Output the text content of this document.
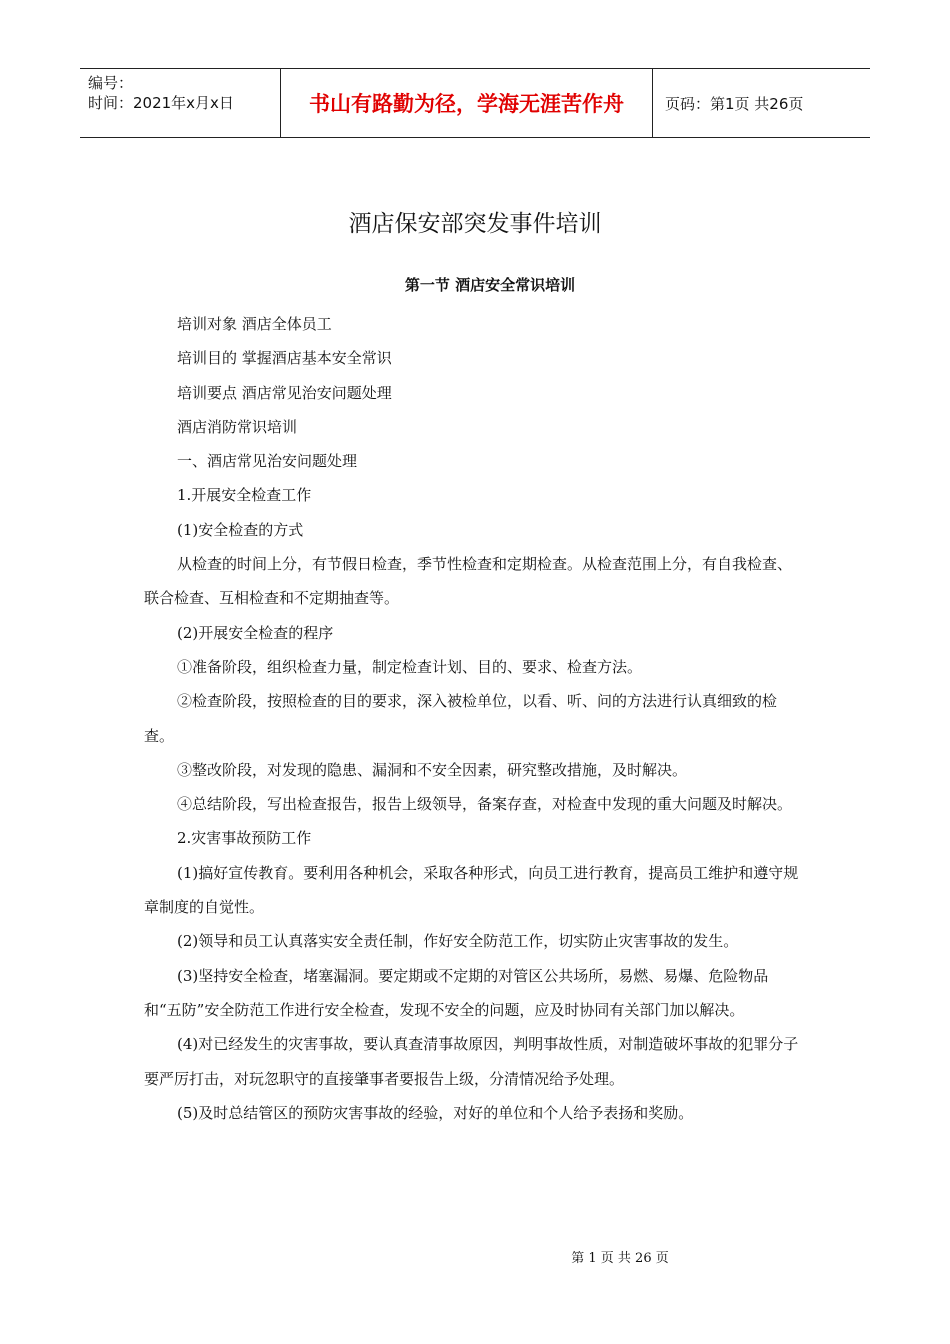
编号：
时间：2021年x月x日	书山有路勤为径，学海无涯苦作舟	页码：第1页 共26页
酒店保安部突发事件培训
第一节 酒店安全常识培训

培训对象 酒店全体员工

培训目的 掌握酒店基本安全常识

培训要点 酒店常见治安问题处理

酒店消防常识培训

一、酒店常见治安问题处理

1.开展安全检查工作

(1)安全检查的方式

从检查的时间上分，有节假日检查，季节性检查和定期检查。从检查范围上分，有自我检查、联合检查、互相检查和不定期抽查等。

(2)开展安全检查的程序

①准备阶段，组织检查力量，制定检查计划、目的、要求、检查方法。

②检查阶段，按照检查的目的要求，深入被检单位，以看、听、问的方法进行认真细致的检查。

③整改阶段，对发现的隐患、漏洞和不安全因素，研究整改措施，及时解决。

④总结阶段，写出检查报告，报告上级领导，备案存查，对检查中发现的重大问题及时解决。

2.灾害事故预防工作

(1)搞好宣传教育。要利用各种机会，采取各种形式，向员工进行教育，提高员工维护和遵守规章制度的自觉性。

(2)领导和员工认真落实安全责任制，作好安全防范工作，切实防止灾害事故的发生。

(3)坚持安全检查，堵塞漏洞。要定期或不定期的对管区公共场所，易燃、易爆、危险物品和“五防”安全防范工作进行安全检查，发现不安全的问题，应及时协同有关部门加以解决。

(4)对已经发生的灾害事故，要认真查清事故原因，判明事故性质，对制造破坏事故的犯罪分子要严厉打击，对玩忽职守的直接肇事者要报告上级，分清情况给予处理。

(5)及时总结管区的预防灾害事故的经验，对好的单位和个人给予表扬和奖励。

第 1 页 共 26 页
